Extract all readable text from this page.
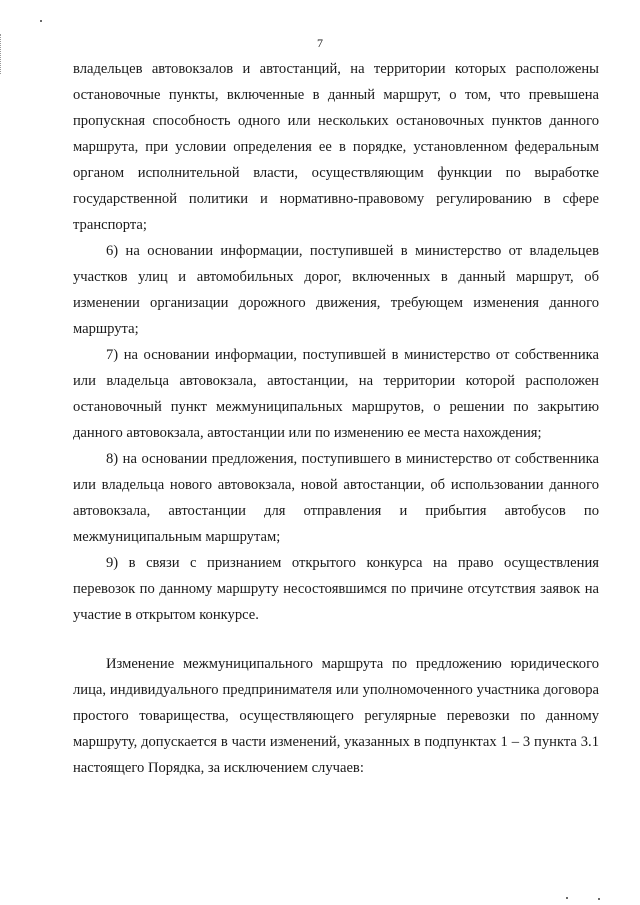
7

владельцев автовокзалов и автостанций, на территории которых расположены остановочные пункты, включенные в данный маршрут, о том, что превышена пропускная способность одного или нескольких остановочных пунктов данного маршрута, при условии определения ее в порядке, установленном федеральным органом исполнительной власти, осуществляющим функции по выработке государственной политики и нормативно-правовому регулированию в сфере транспорта;

6) на основании информации, поступившей в министерство от владельцев участков улиц и автомобильных дорог, включенных в данный маршрут, об изменении организации дорожного движения, требующем изменения данного маршрута;

7) на основании информации, поступившей в министерство от собственника или владельца автовокзала, автостанции, на территории которой расположен остановочный пункт межмуниципальных маршрутов, о решении по закрытию данного автовокзала, автостанции или по изменению ее места нахождения;

8) на основании предложения, поступившего в министерство от собственника или владельца нового автовокзала, новой автостанции, об использовании данного автовокзала, автостанции для отправления и прибытия автобусов по межмуниципальным маршрутам;

9) в связи с признанием открытого конкурса на право осуществления перевозок по данному маршруту несостоявшимся по причине отсутствия заявок на участие в открытом конкурсе.

Изменение межмуниципального маршрута по предложению юридического лица, индивидуального предпринимателя или уполномоченного участника договора простого товарищества, осуществляющего регулярные перевозки по данному маршруту, допускается в части изменений, указанных в подпунктах 1 – 3 пункта 3.1 настоящего Порядка, за исключением случаев:
